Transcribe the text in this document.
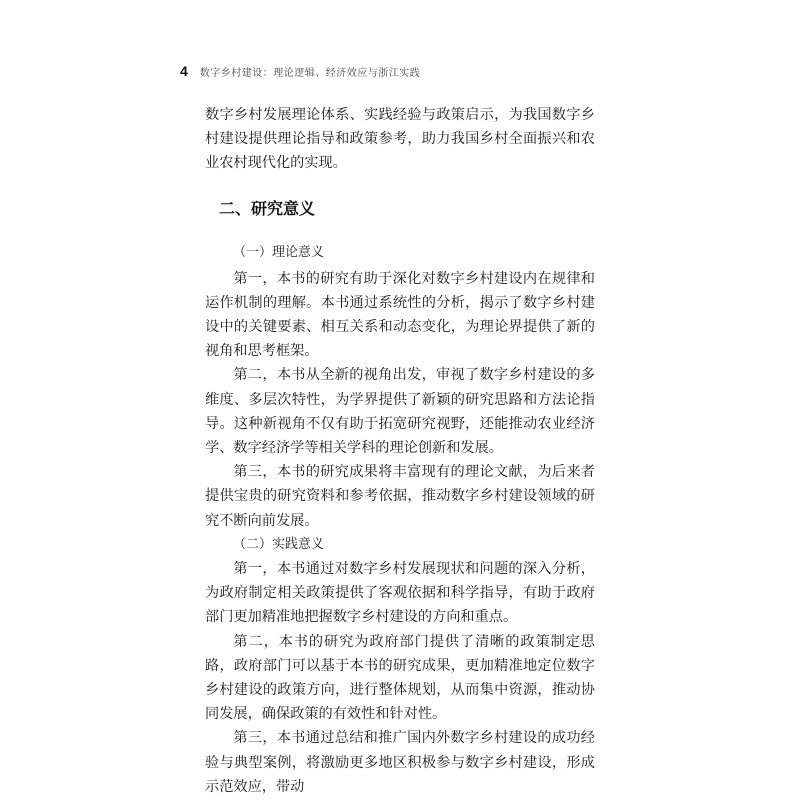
4 数字乡村建设：理论逻辑、经济效应与浙江实践

数字乡村发展理论体系、实践经验与政策启示，为我国数字乡村建设提供理论指导和政策参考，助力我国乡村全面振兴和农业农村现代化的实现。

二、研究意义
（一）理论意义

第一，本书的研究有助于深化对数字乡村建设内在规律和运作机制的理解。本书通过系统性的分析，揭示了数字乡村建设中的关键要素、相互关系和动态变化，为理论界提供了新的视角和思考框架。

第二，本书从全新的视角出发，审视了数字乡村建设的多维度、多层次特性，为学界提供了新颖的研究思路和方法论指导。这种新视角不仅有助于拓宽研究视野，还能推动农业经济学、数字经济学等相关学科的理论创新和发展。

第三，本书的研究成果将丰富现有的理论文献，为后来者提供宝贵的研究资料和参考依据，推动数字乡村建设领域的研究不断向前发展。

（二）实践意义

第一，本书通过对数字乡村发展现状和问题的深入分析，为政府制定相关政策提供了客观依据和科学指导，有助于政府部门更加精准地把握数字乡村建设的方向和重点。

第二，本书的研究为政府部门提供了清晰的政策制定思路，政府部门可以基于本书的研究成果，更加精准地定位数字乡村建设的政策方向，进行整体规划，从而集中资源，推动协同发展，确保政策的有效性和针对性。

第三，本书通过总结和推广国内外数字乡村建设的成功经验与典型案例，将激励更多地区积极参与数字乡村建设，形成示范效应，带动
